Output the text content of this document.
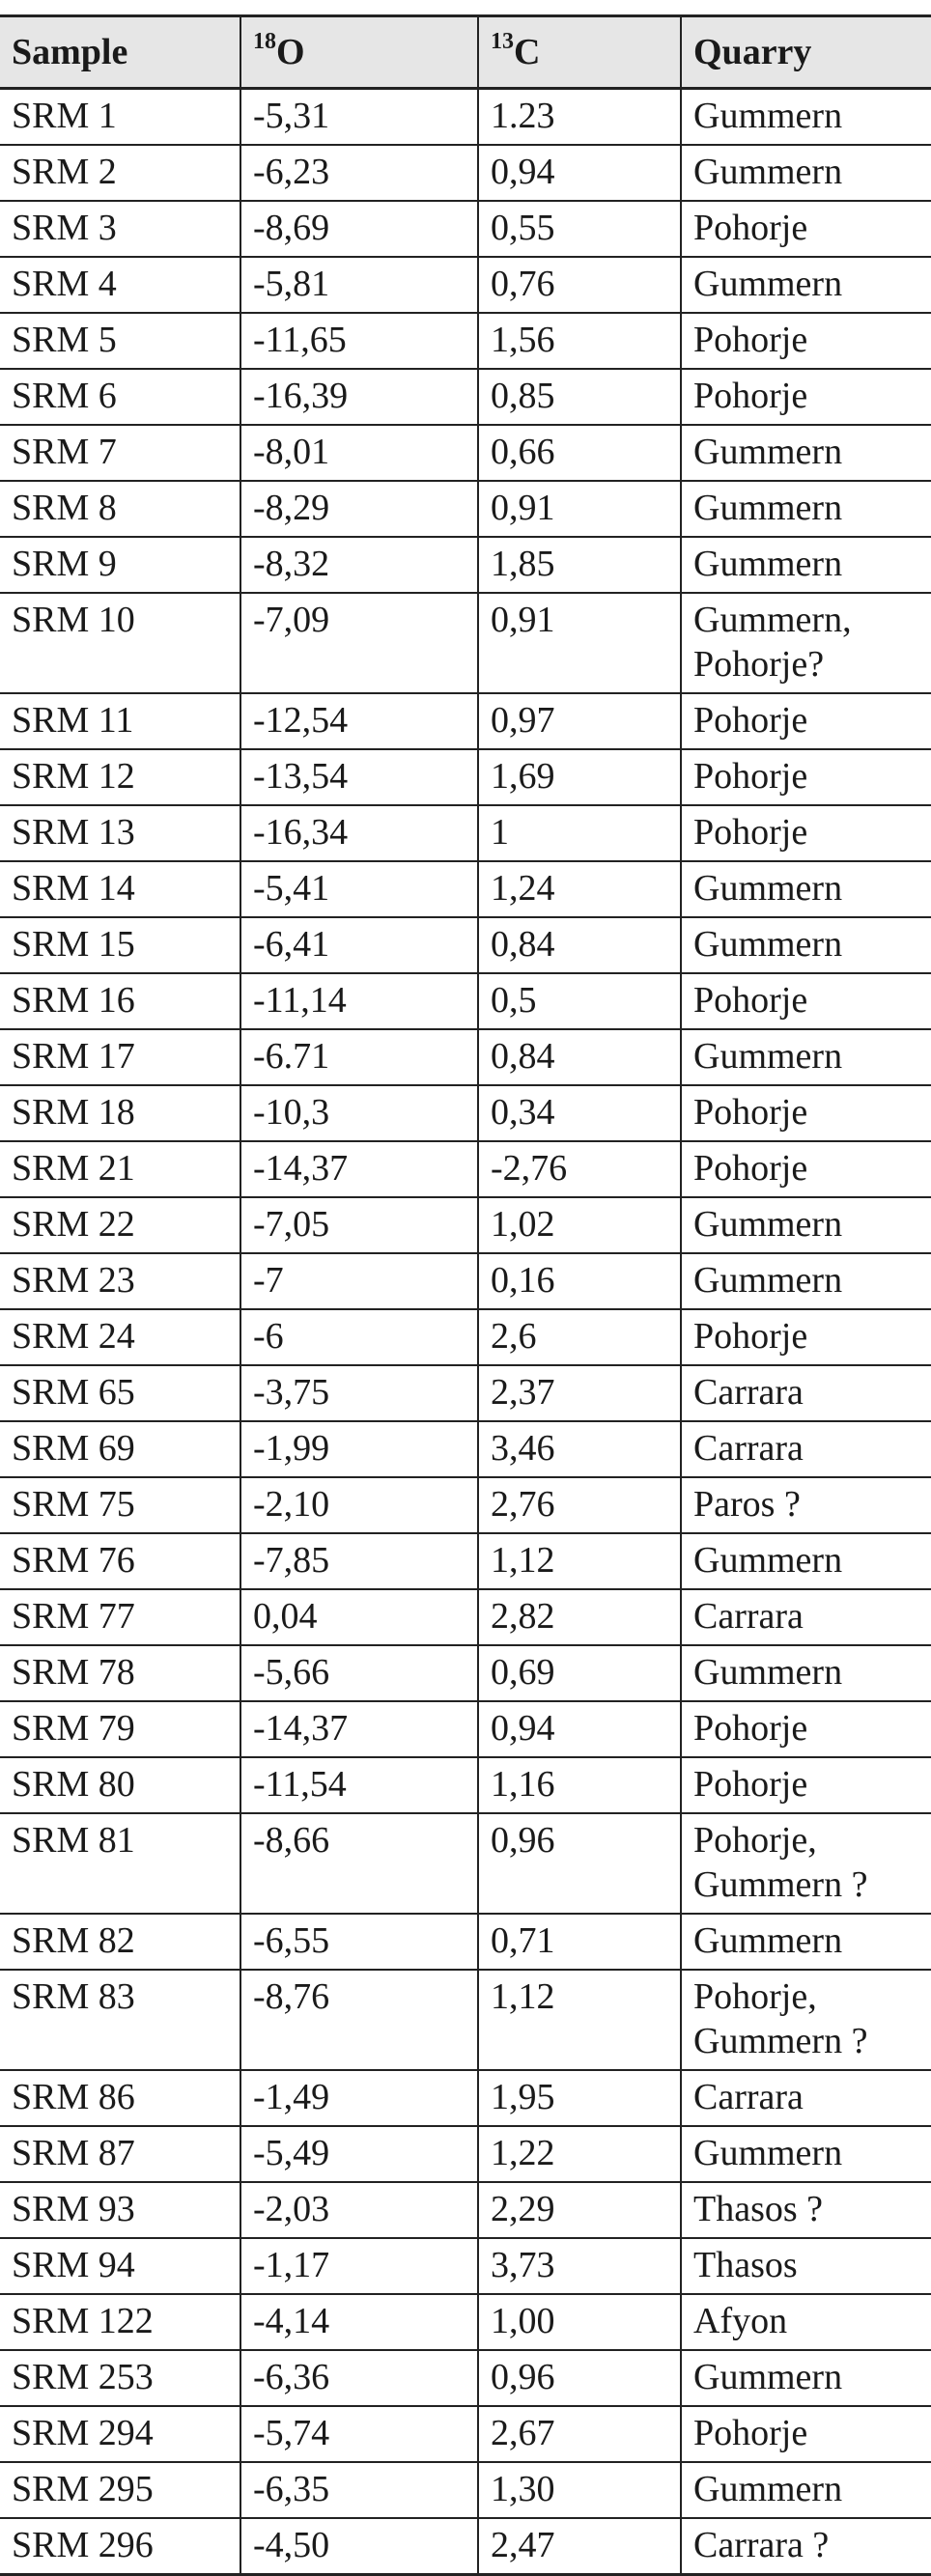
Sample	$^{18}$O	$^{13}$C	Quarry
SRM 1	-5,31	1.23	Gummern

SRM 2	-6,23	0,94	Gummern

SRM 3	-8,69	0,55	Pohorje

SRM 4	-5,81	0,76	Gummern

SRM 5	-11,65	1,56	Pohorje

SRM 6	-16,39	0,85	Pohorje

SRM 7	-8,01	0,66	Gummern

SRM 8	-8,29	0,91	Gummern

SRM 9	-8,32	1,85	Gummern

SRM 10	-7,09	0,91	Gummern,
Pohorje?

SRM 11	-12,54	0,97	Pohorje

SRM 12	-13,54	1,69	Pohorje

SRM 13	-16,34	1	Pohorje

SRM 14	-5,41	1,24	Gummern

SRM 15	-6,41	0,84	Gummern

SRM 16	-11,14	0,5	Pohorje

SRM 17	-6.71	0,84	Gummern

SRM 18	-10,3	0,34	Pohorje

SRM 21	-14,37	-2,76	Pohorje

SRM 22	-7,05	1,02	Gummern

SRM 23	-7	0,16	Gummern

SRM 24	-6	2,6	Pohorje

SRM 65	-3,75	2,37	Carrara

SRM 69	-1,99	3,46	Carrara

SRM 75	-2,10	2,76	Paros ?

SRM 76	-7,85	1,12	Gummern

SRM 77	0,04	2,82	Carrara

SRM 78	-5,66	0,69	Gummern

SRM 79	-14,37	0,94	Pohorje

SRM 80	-11,54	1,16	Pohorje

SRM 81	-8,66	0,96	Pohorje,
Gummern ?

SRM 82	-6,55	0,71	Gummern

SRM 83	-8,76	1,12	Pohorje,
Gummern ?

SRM 86	-1,49	1,95	Carrara

SRM 87	-5,49	1,22	Gummern

SRM 93	-2,03	2,29	Thasos ?

SRM 94	-1,17	3,73	Thasos

SRM 122	-4,14	1,00	Afyon

SRM 253	-6,36	0,96	Gummern

SRM 294	-5,74	2,67	Pohorje

SRM 295	-6,35	1,30	Gummern

SRM 296	-4,50	2,47	Carrara ?
